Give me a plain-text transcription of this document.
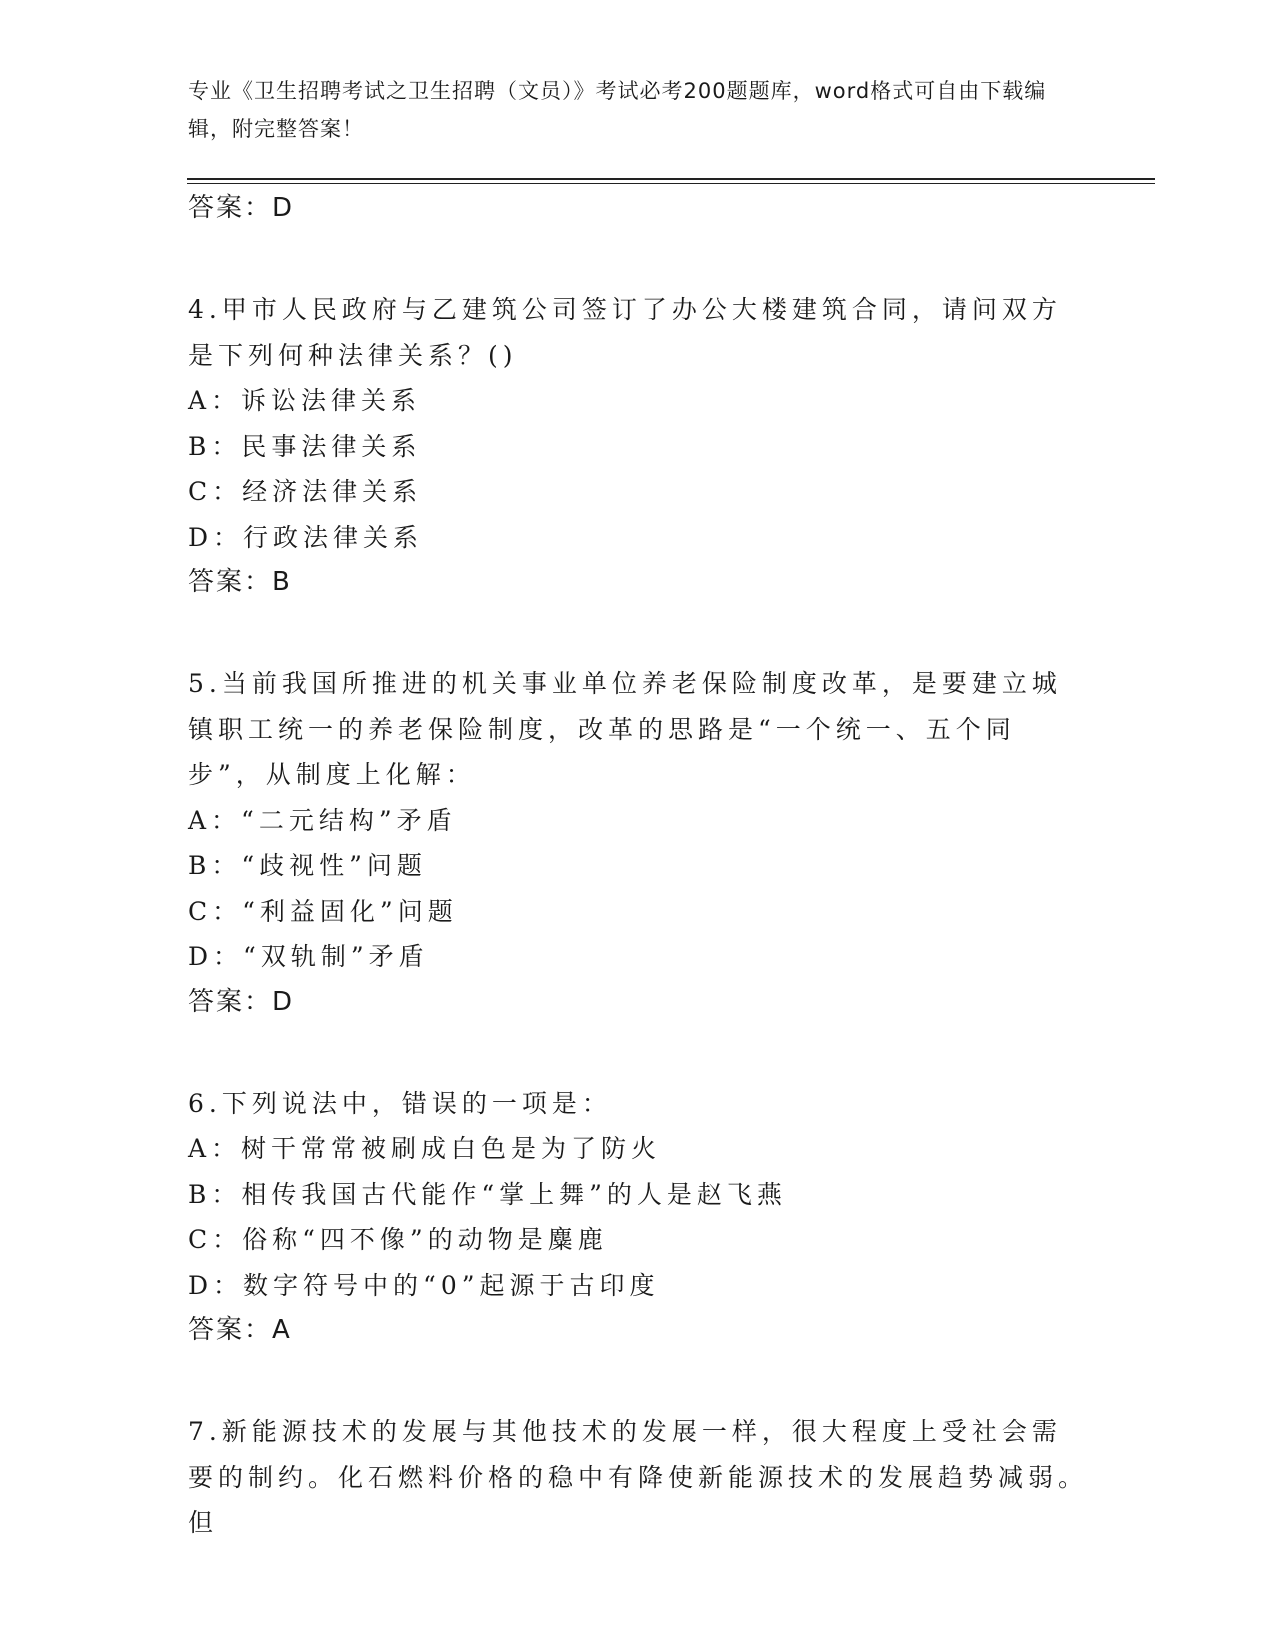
专业《卫生招聘考试之卫生招聘（文员）》考试必考200题题库，word格式可自由下载编辑，附完整答案！
答案：D
4.甲市人民政府与乙建筑公司签订了办公大楼建筑合同，请问双方是下列何种法律关系？()
A：诉讼法律关系
B：民事法律关系
C：经济法律关系
D：行政法律关系
答案：B
5.当前我国所推进的机关事业单位养老保险制度改革，是要建立城镇职工统一的养老保险制度，改革的思路是“一个统一、五个同步”，从制度上化解：
A：“二元结构”矛盾
B：“歧视性”问题
C：“利益固化”问题
D：“双轨制”矛盾
答案：D
6.下列说法中，错误的一项是：
A：树干常常被刷成白色是为了防火
B：相传我国古代能作“掌上舞”的人是赵飞燕
C：俗称“四不像”的动物是麋鹿
D：数字符号中的“0”起源于古印度
答案：A
7.新能源技术的发展与其他技术的发展一样，很大程度上受社会需要的制约。化石燃料价格的稳中有降使新能源技术的发展趋势减弱。但
